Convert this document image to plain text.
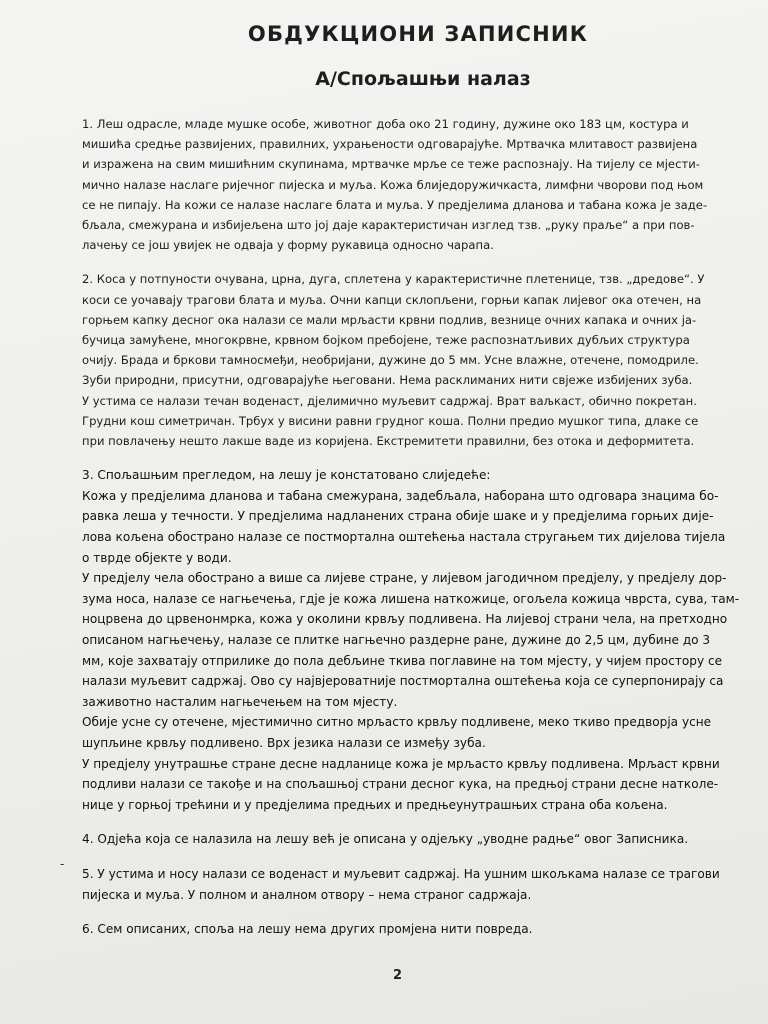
ОБДУКЦИОНИ ЗАПИСНИК
А/Спољашњи налаз
1. Леш одрасле, младе мушке особе, животног доба око 21 годину, дужине око 183 цм, костура и
мишића средње развијених, правилних, ухрањености одговарајуће. Мртвачка млитавост развијена
и изражена на свим мишићним скупинама, мртвачке мрље се теже распознају. На тијелу се мјести-
мично налазе наслаге ријечног пијеска и муља. Кожа блиједоружичкаста, лимфни чворови под њом
се не пипају. На кожи се налазе наслаге блата и муља. У предјелима дланова и табана кожа је заде-
бљала, смежурана и избијељена што јој даје карактеристичан изглед тзв. „руку праље“ а при пов-
лачењу се још увијек не одваја у форму рукавица односно чарапа.
2. Коса у потпуности очувана, црна, дуга, сплетена у карактеристичне плетенице, тзв. „дредове“. У
коси се уочавају трагови блата и муља. Очни капци склопљени, горњи капак лијевог ока отечен, на
горњем капку десног ока налази се мали мрљасти крвни подлив, везнице очних капака и очних ја-
бучица замућене, многокрвне, крвном бојком пребојене, теже распознатљивих дубљих структура
очију. Брада и бркови тамносмеђи, необријани, дужине до 5 мм. Усне влажне, отечене, помодриле.
Зуби природни, присутни, одговарајуће његовани. Нема расклиманих нити свјеже избијених зуба.
У устима се налази течан воденаст, дјелимично муљевит садржај. Врат ваљкаст, обично покретан.
Грудни кош симетричан. Трбух у висини равни грудног коша. Полни предио мушког типа, длаке се
при повлачењу нешто лакше ваде из коријена. Екстремитети правилни, без отока и деформитета.
3. Спољашњим прегледом, на лешу је констатовано слиједеће:
Кожа у предјелима дланова и табана смежурана, задебљала, наборана што одговара знацима бо-
равка леша у течности. У предјелима надланених страна обије шаке и у предјелима горњих дије-
лова кољена обострано налазе се постмортална оштећења настала стругањем тих дијелова тијела
о тврде објекте у води.
У предјелу чела обострано а више са лијеве стране, у лијевом јагодичном предјелу, у предјелу дор-
зума носа, налазе се нагњечења, гдје је кожа лишена наткожице, огољела кожица чврста, сува, там-
ноцрвена до црвенонмрка, кожа у околини крвљу подливена. На лијевој страни чела, на претходно
описаном нагњечењу, налазе се плитке нагњечно раздерне ране, дужине до 2,5 цм, дубине до 3
мм, које захватају отприлике до пола дебљине ткива поглавине на том мјесту, у чијем простору се
налази муљевит садржај. Ово су највјероватније постмортална оштећења која се суперпонирају са
заживотно насталим нагњечењем на том мјесту.
Обије усне су отечене, мјестимично ситно мрљасто крвљу подливене, меко ткиво предворја усне
шупљине крвљу подливено. Врх језика налази се између зуба.
У предјелу унутрашње стране десне надланице кожа је мрљасто крвљу подливена. Мрљаст крвни
подливи налази се такође и на спољашњој страни десног кука, на предњој страни десне натколе-
нице у горњој трећини и у предјелима предњих и предњеунутрашњих страна оба кољена.
4. Одјећа која се налазила на лешу већ је описана у одјељку „уводне радње“ овог Записника.
5. У устима и носу налази се воденаст и муљевит садржај. На ушним шкољкама налазе се трагови
пијеска и муља. У полном и аналном отвору – нема страног садржаја.
6. Сем описаних, споља на лешу нема других промјена нити повреда.
-
2
